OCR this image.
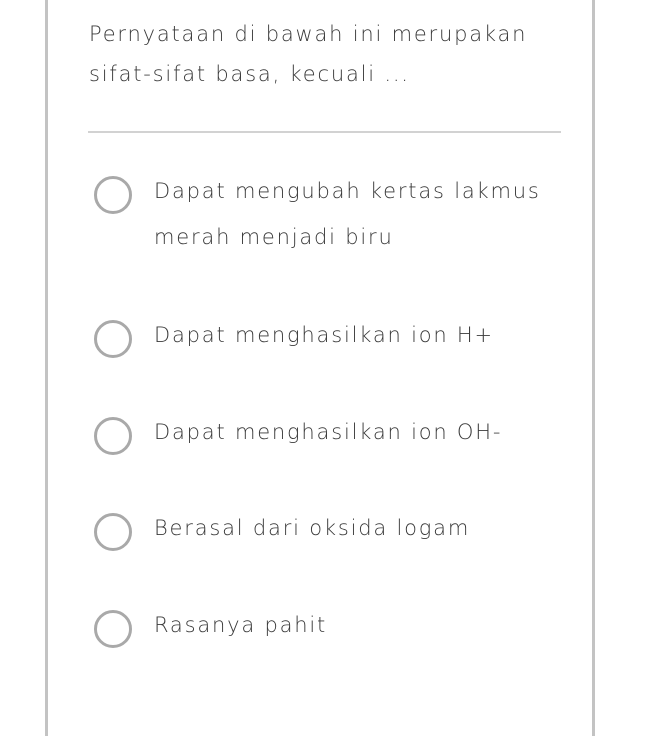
Pernyataan di bawah ini merupakan sifat-sifat basa, kecuali ...

Dapat mengubah kertas lakmus merah menjadi biru
Dapat menghasilkan ion H+
Dapat menghasilkan ion OH-
Berasal dari oksida logam
Rasanya pahit
